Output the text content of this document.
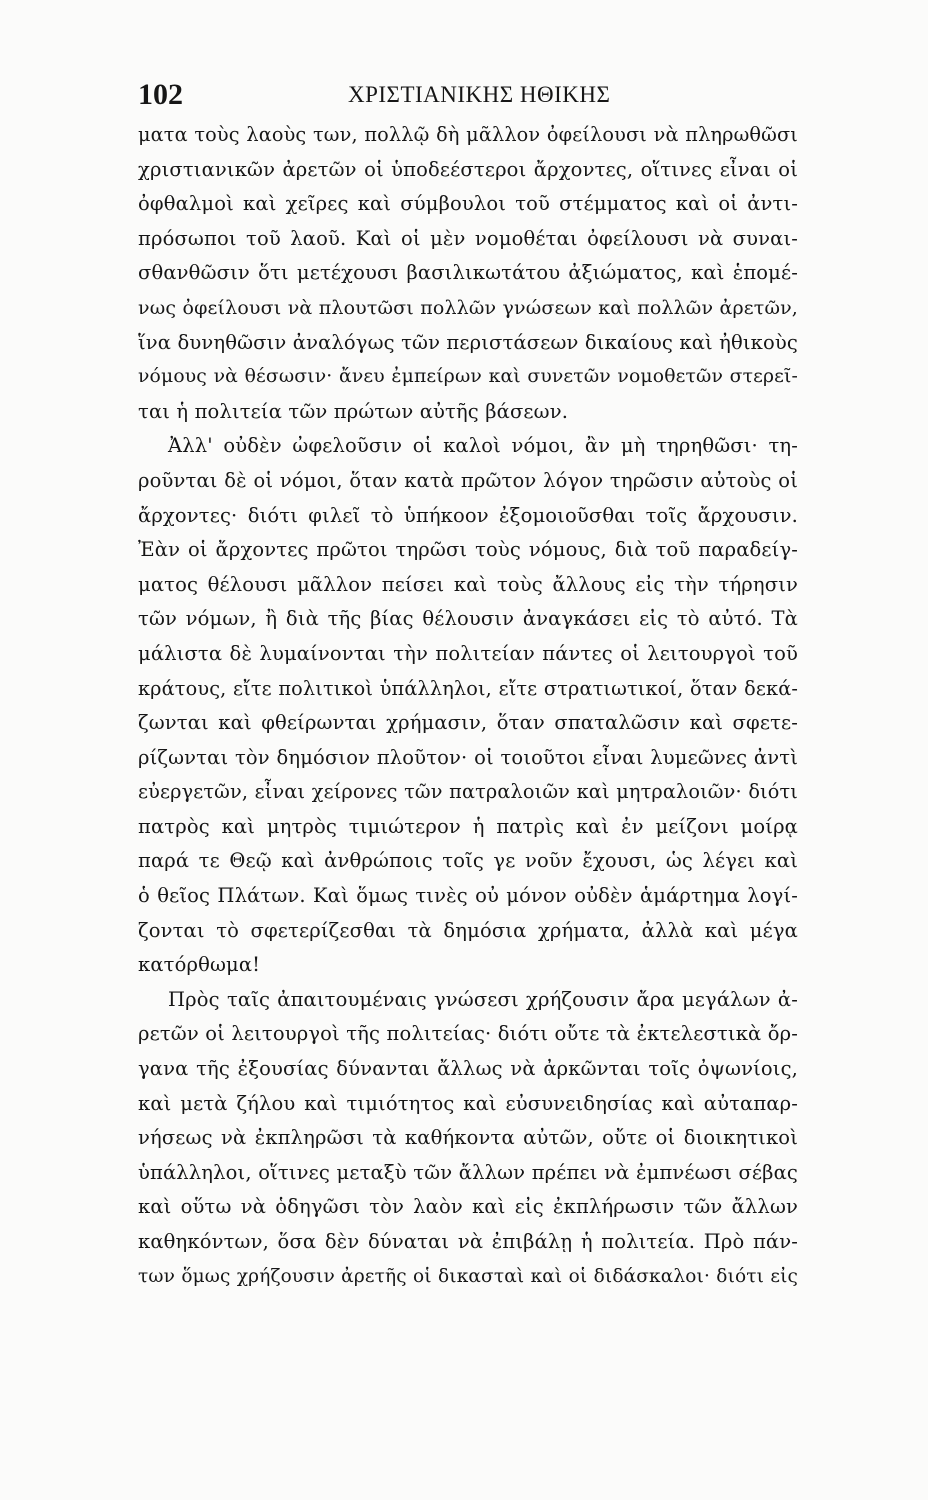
102	ΧΡΙΣΤΙΑΝΙΚΗΣ ΗΘΙΚΗΣ
ματα τοὺς λαοὺς των, πολλῷ δὴ μᾶλλον ὀφείλουσι νὰ πληρωθῶσι
χριστιανικῶν ἀρετῶν οἱ ὑποδεέστεροι ἄρχοντες, οἵτινες εἶναι οἱ
ὀφθαλμοὶ καὶ χεῖρες καὶ σύμβουλοι τοῦ στέμματος καὶ οἱ ἀντι-
πρόσωποι τοῦ λαοῦ. Καὶ οἱ μὲν νομοθέται ὀφείλουσι νὰ συναι-
σθανθῶσιν ὅτι μετέχουσι βασιλικωτάτου ἀξιώματος, καὶ ἑπομέ-
νως ὀφείλουσι νὰ πλουτῶσι πολλῶν γνώσεων καὶ πολλῶν ἀρετῶν,
ἵνα δυνηθῶσιν ἀναλόγως τῶν περιστάσεων δικαίους καὶ ἠθικοὺς
νόμους νὰ θέσωσιν· ἄνευ ἐμπείρων καὶ συνετῶν νομοθετῶν στερεῖ-
ται ἡ πολιτεία τῶν πρώτων αὐτῆς βάσεων.
Ἀλλ' οὐδὲν ὠφελοῦσιν οἱ καλοὶ νόμοι, ἂν μὴ τηρηθῶσι· τη-
ροῦνται δὲ οἱ νόμοι, ὅταν κατὰ πρῶτον λόγον τηρῶσιν αὐτοὺς οἱ
ἄρχοντες· διότι φιλεῖ τὸ ὑπήκοον ἐξομοιοῦσθαι τοῖς ἄρχουσιν.
Ἐὰν οἱ ἄρχοντες πρῶτοι τηρῶσι τοὺς νόμους, διὰ τοῦ παραδείγ-
ματος θέλουσι μᾶλλον πείσει καὶ τοὺς ἄλλους εἰς τὴν τήρησιν
τῶν νόμων, ἢ διὰ τῆς βίας θέλουσιν ἀναγκάσει εἰς τὸ αὐτό. Τὰ
μάλιστα δὲ λυμαίνονται τὴν πολιτείαν πάντες οἱ λειτουργοὶ τοῦ
κράτους, εἴτε πολιτικοὶ ὑπάλληλοι, εἴτε στρατιωτικοί, ὅταν δεκά-
ζωνται καὶ φθείρωνται χρήμασιν, ὅταν σπαταλῶσιν καὶ σφετε-
ρίζωνται τὸν δημόσιον πλοῦτον· οἱ τοιοῦτοι εἶναι λυμεῶνες ἀντὶ
εὐεργετῶν, εἶναι χείρονες τῶν πατραλοιῶν καὶ μητραλοιῶν· διότι
πατρὸς καὶ μητρὸς τιμιώτερον ἡ πατρὶς καὶ ἐν μείζονι μοίρᾳ
παρά τε Θεῷ καὶ ἀνθρώποις τοῖς γε νοῦν ἔχουσι, ὡς λέγει καὶ
ὁ θεῖος Πλάτων. Καὶ ὅμως τινὲς οὐ μόνον οὐδὲν ἁμάρτημα λογί-
ζονται τὸ σφετερίζεσθαι τὰ δημόσια χρήματα, ἀλλὰ καὶ μέγα
κατόρθωμα!
Πρὸς ταῖς ἀπαιτουμέναις γνώσεσι χρήζουσιν ἄρα μεγάλων ἀ-
ρετῶν οἱ λειτουργοὶ τῆς πολιτείας· διότι οὔτε τὰ ἐκτελεστικὰ ὄρ-
γανα τῆς ἐξουσίας δύνανται ἄλλως νὰ ἀρκῶνται τοῖς ὀψωνίοις,
καὶ μετὰ ζήλου καὶ τιμιότητος καὶ εὐσυνειδησίας καὶ αὐταπαρ-
νήσεως νὰ ἐκπληρῶσι τὰ καθήκοντα αὐτῶν, οὔτε οἱ διοικητικοὶ
ὑπάλληλοι, οἵτινες μεταξὺ τῶν ἄλλων πρέπει νὰ ἐμπνέωσι σέβας
καὶ οὕτω νὰ ὁδηγῶσι τὸν λαὸν καὶ εἰς ἐκπλήρωσιν τῶν ἄλλων
καθηκόντων, ὅσα δὲν δύναται νὰ ἐπιβάλῃ ἡ πολιτεία. Πρὸ πάν-
των ὅμως χρήζουσιν ἀρετῆς οἱ δικασταὶ καὶ οἱ διδάσκαλοι· διότι εἰς
